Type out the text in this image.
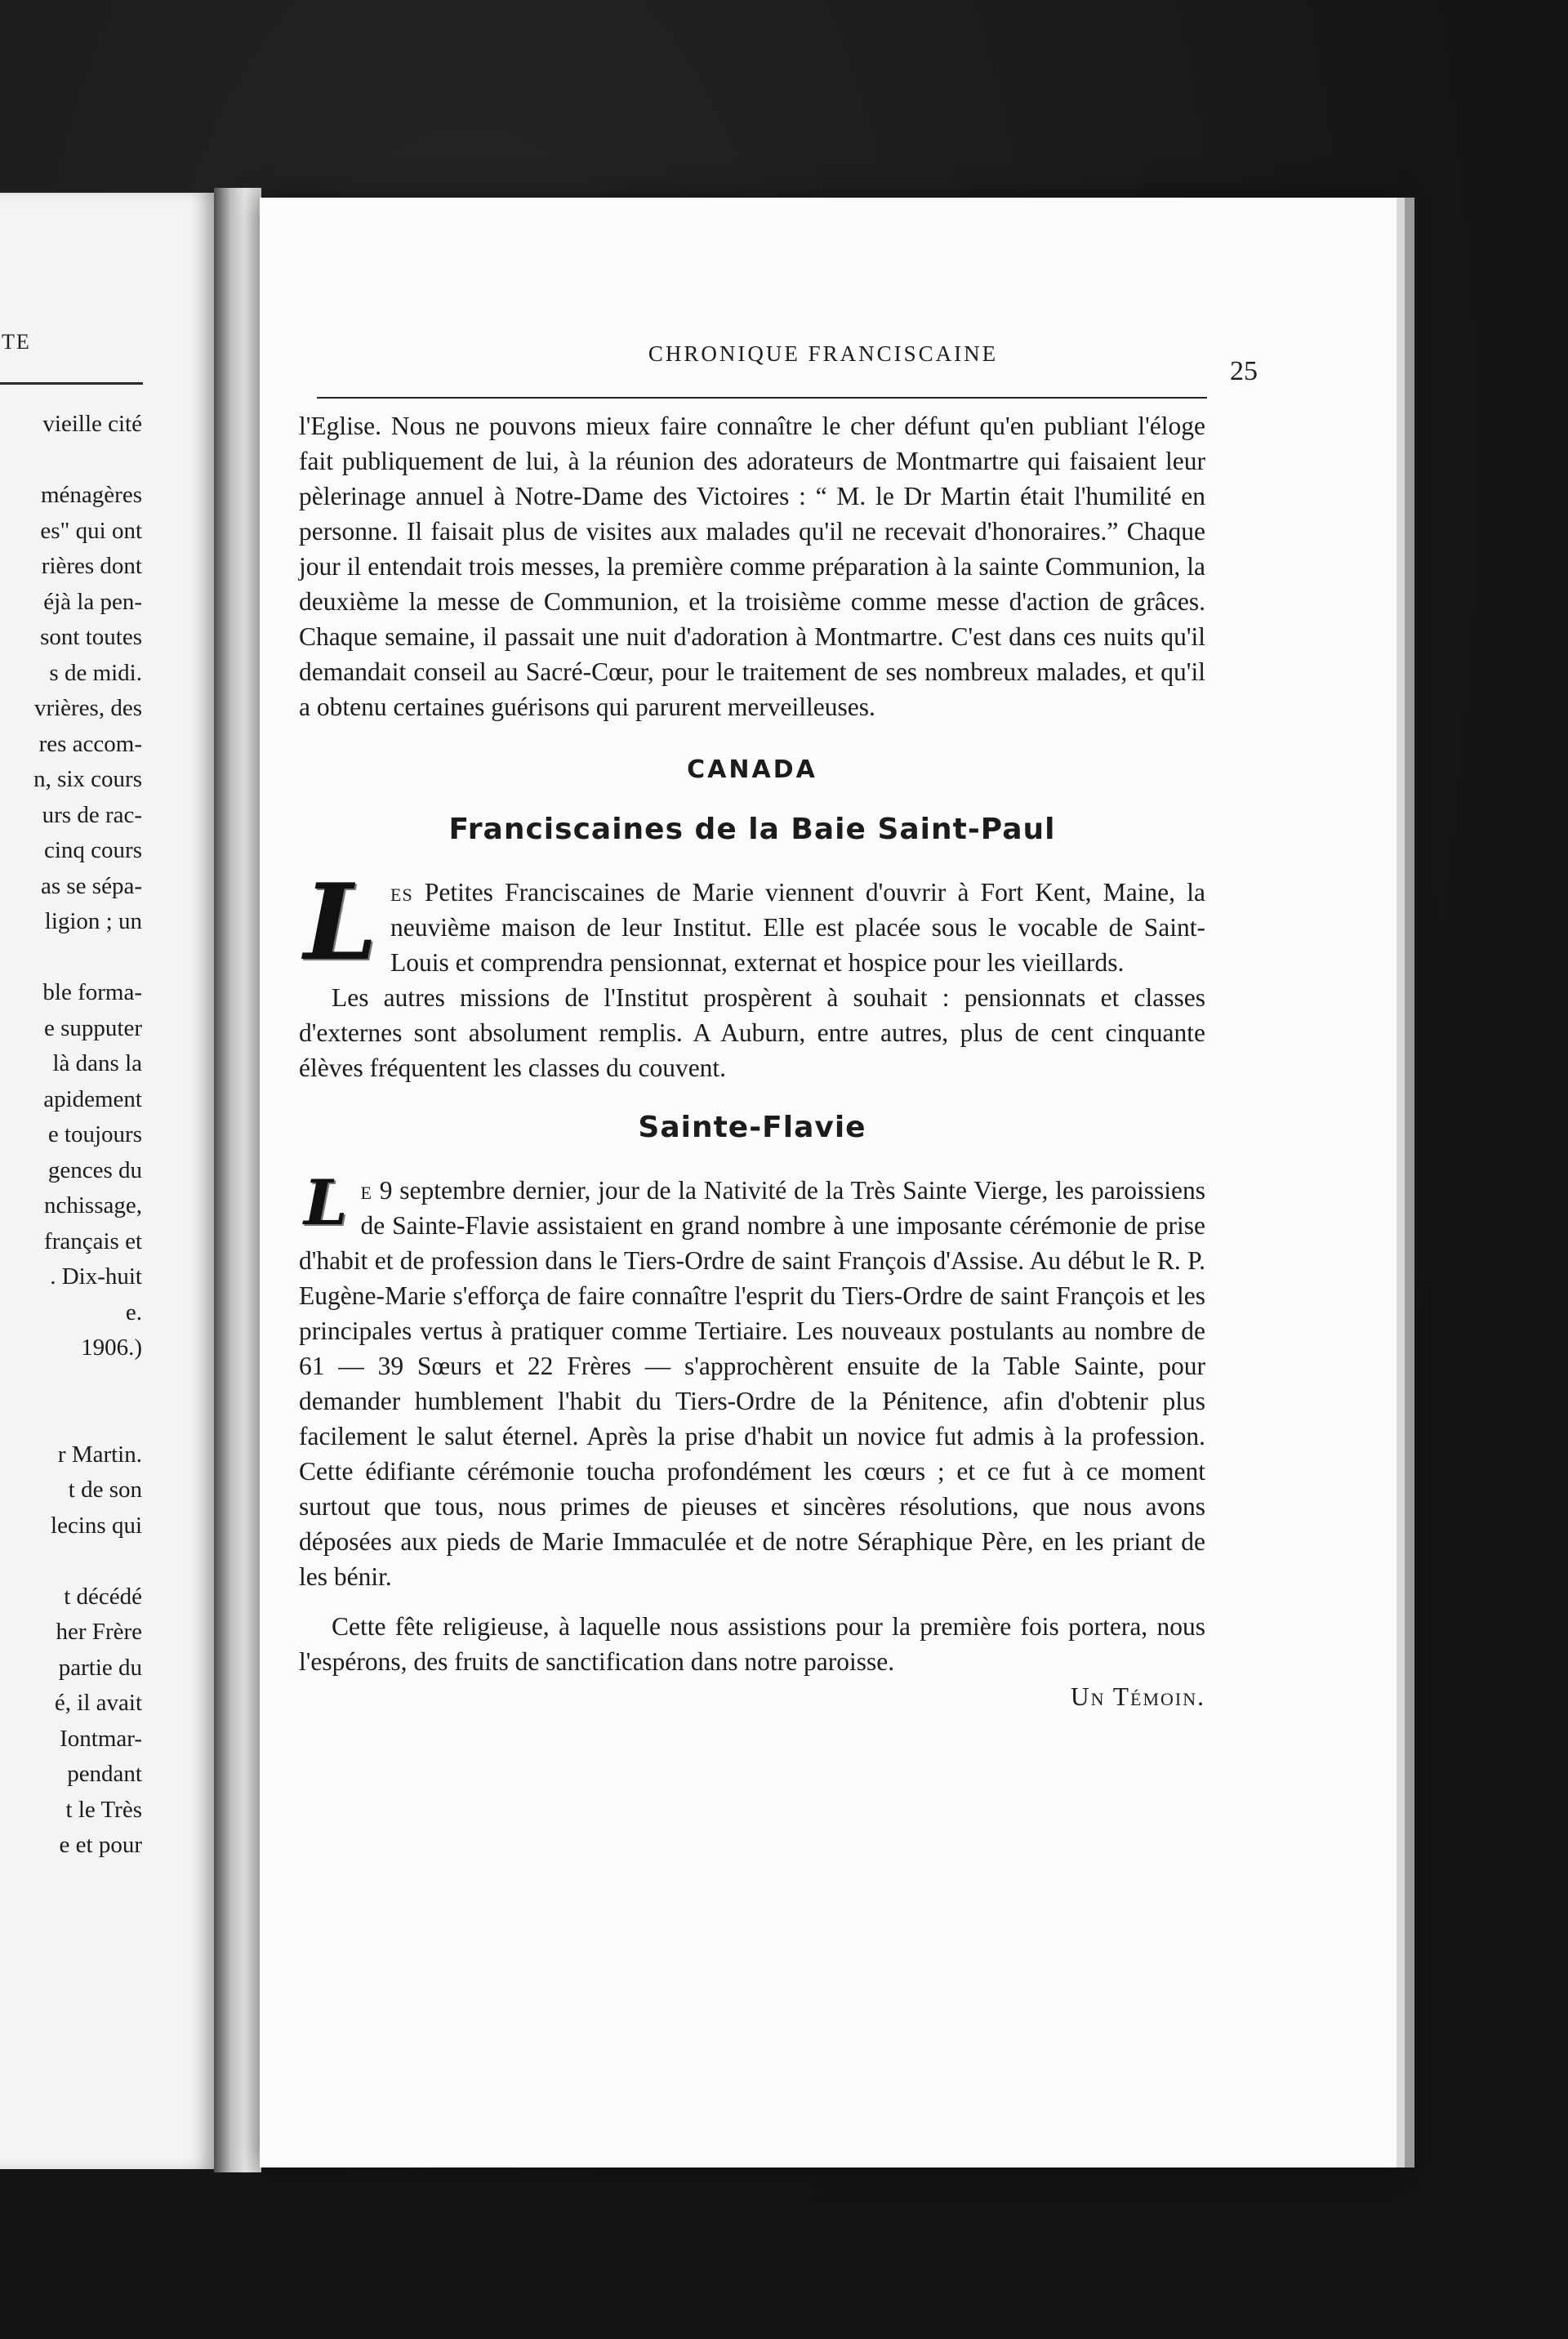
TE
vieille cité

ménagères
es" qui ont
rières dont
éjà la pen-
sont toutes
s de midi.
vrières, des
res accom-
n, six cours
urs de rac-
cinq cours
as se sépa-
ligion ; un

ble forma-
e supputer
là dans la
apidement
e toujours
gences du
nchissage,
français et
. Dix-huit
e.
1906.)

r Martin.
t de son
lecins qui

t décédé
her Frère
partie du
é, il avait
Iontmar-
pendant
t le Très
e et pour
CHRONIQUE FRANCISCAINE
25

l'Eglise. Nous ne pouvons mieux faire connaître le cher défunt qu'en publiant l'éloge fait publiquement de lui, à la réunion des adorateurs de Montmartre qui faisaient leur pèlerinage annuel à Notre-Dame des Victoires : “ M. le Dr Martin était l'humilité en personne. Il faisait plus de visites aux malades qu'il ne recevait d'honoraires.” Chaque jour il entendait trois messes, la première comme préparation à la sainte Communion, la deuxième la messe de Communion, et la troisième comme messe d'action de grâces. Chaque semaine, il passait une nuit d'adoration à Montmartre. C'est dans ces nuits qu'il demandait conseil au Sacré-Cœur, pour le traitement de ses nombreux malades, et qu'il a obtenu certaines guérisons qui parurent merveilleuses.

CANADA
Franciscaines de la Baie Saint-Paul

Les Petites Franciscaines de Marie viennent d'ouvrir à Fort Kent, Maine, la neuvième maison de leur Institut. Elle est placée sous le vocable de Saint-Louis et comprendra pensionnat, externat et hospice pour les vieillards.

Les autres missions de l'Institut prospèrent à souhait : pensionnats et classes d'externes sont absolument remplis. A Auburn, entre autres, plus de cent cinquante élèves fréquentent les classes du couvent.

Sainte-Flavie

Le 9 septembre dernier, jour de la Nativité de la Très Sainte Vierge, les paroissiens de Sainte-Flavie assistaient en grand nombre à une imposante cérémonie de prise d'habit et de profession dans le Tiers-Ordre de saint François d'Assise. Au début le R. P. Eugène-Marie s'efforça de faire connaître l'esprit du Tiers-Ordre de saint François et les principales vertus à pratiquer comme Tertiaire. Les nouveaux postulants au nombre de 61 — 39 Sœurs et 22 Frères — s'approchèrent ensuite de la Table Sainte, pour demander humblement l'habit du Tiers-Ordre de la Pénitence, afin d'obtenir plus facilement le salut éternel. Après la prise d'habit un novice fut admis à la profession. Cette édifiante cérémonie toucha profondément les cœurs ; et ce fut à ce moment surtout que tous, nous primes de pieuses et sincères résolutions, que nous avons déposées aux pieds de Marie Immaculée et de notre Séraphique Père, en les priant de les bénir.

Cette fête religieuse, à laquelle nous assistions pour la première fois portera, nous l'espérons, des fruits de sanctification dans notre paroisse.

Un Témoin.
